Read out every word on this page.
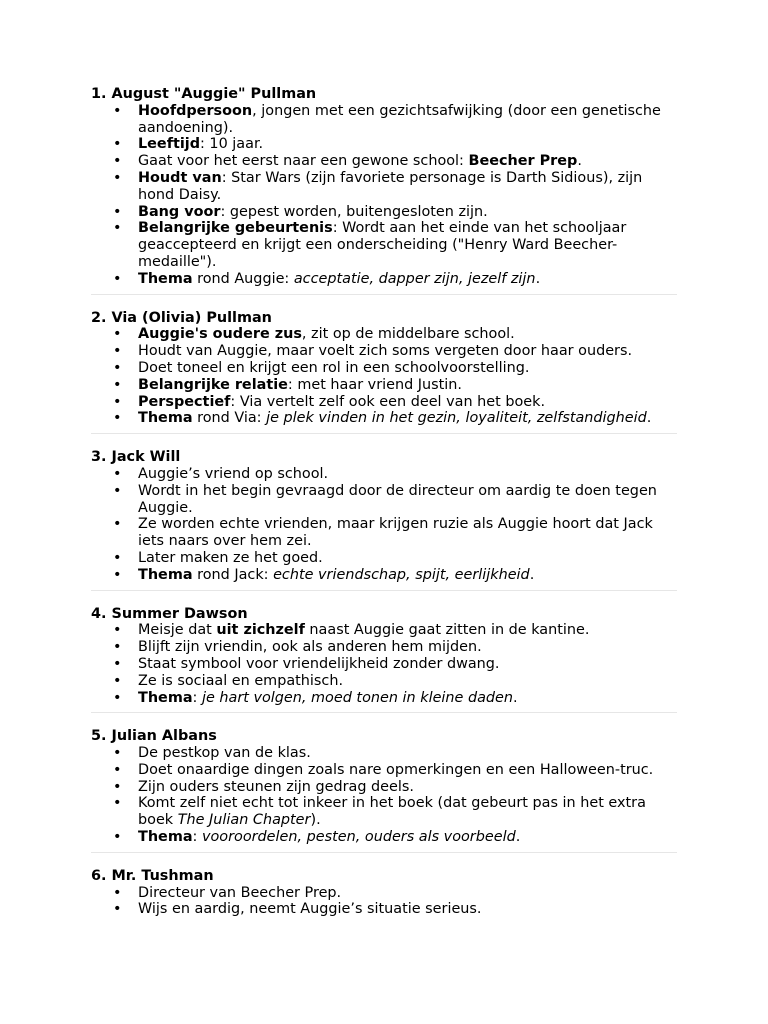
1. August "Auggie" Pullman
• Hoofdpersoon, jongen met een gezichtsafwijking (door een genetische aandoening).
• Leeftijd: 10 jaar.
• Gaat voor het eerst naar een gewone school: Beecher Prep.
• Houdt van: Star Wars (zijn favoriete personage is Darth Sidious), zijn hond Daisy.
• Bang voor: gepest worden, buitengesloten zijn.
• Belangrijke gebeurtenis: Wordt aan het einde van het schooljaar geaccepteerd en krijgt een onderscheiding ("Henry Ward Beecher-medaille").
• Thema rond Auggie: acceptatie, dapper zijn, jezelf zijn.
2. Via (Olivia) Pullman
• Auggie's oudere zus, zit op de middelbare school.
• Houdt van Auggie, maar voelt zich soms vergeten door haar ouders.
• Doet toneel en krijgt een rol in een schoolvoorstelling.
• Belangrijke relatie: met haar vriend Justin.
• Perspectief: Via vertelt zelf ook een deel van het boek.
• Thema rond Via: je plek vinden in het gezin, loyaliteit, zelfstandigheid.
3. Jack Will
• Auggie’s vriend op school.
• Wordt in het begin gevraagd door de directeur om aardig te doen tegen Auggie.
• Ze worden echte vrienden, maar krijgen ruzie als Auggie hoort dat Jack iets naars over hem zei.
• Later maken ze het goed.
• Thema rond Jack: echte vriendschap, spijt, eerlijkheid.
4. Summer Dawson
• Meisje dat uit zichzelf naast Auggie gaat zitten in de kantine.
• Blijft zijn vriendin, ook als anderen hem mijden.
• Staat symbool voor vriendelijkheid zonder dwang.
• Ze is sociaal en empathisch.
• Thema: je hart volgen, moed tonen in kleine daden.
5. Julian Albans
• De pestkop van de klas.
• Doet onaardige dingen zoals nare opmerkingen en een Halloween-truc.
• Zijn ouders steunen zijn gedrag deels.
• Komt zelf niet echt tot inkeer in het boek (dat gebeurt pas in het extra boek The Julian Chapter).
• Thema: vooroordelen, pesten, ouders als voorbeeld.
6. Mr. Tushman
• Directeur van Beecher Prep.
• Wijs en aardig, neemt Auggie’s situatie serieus.
